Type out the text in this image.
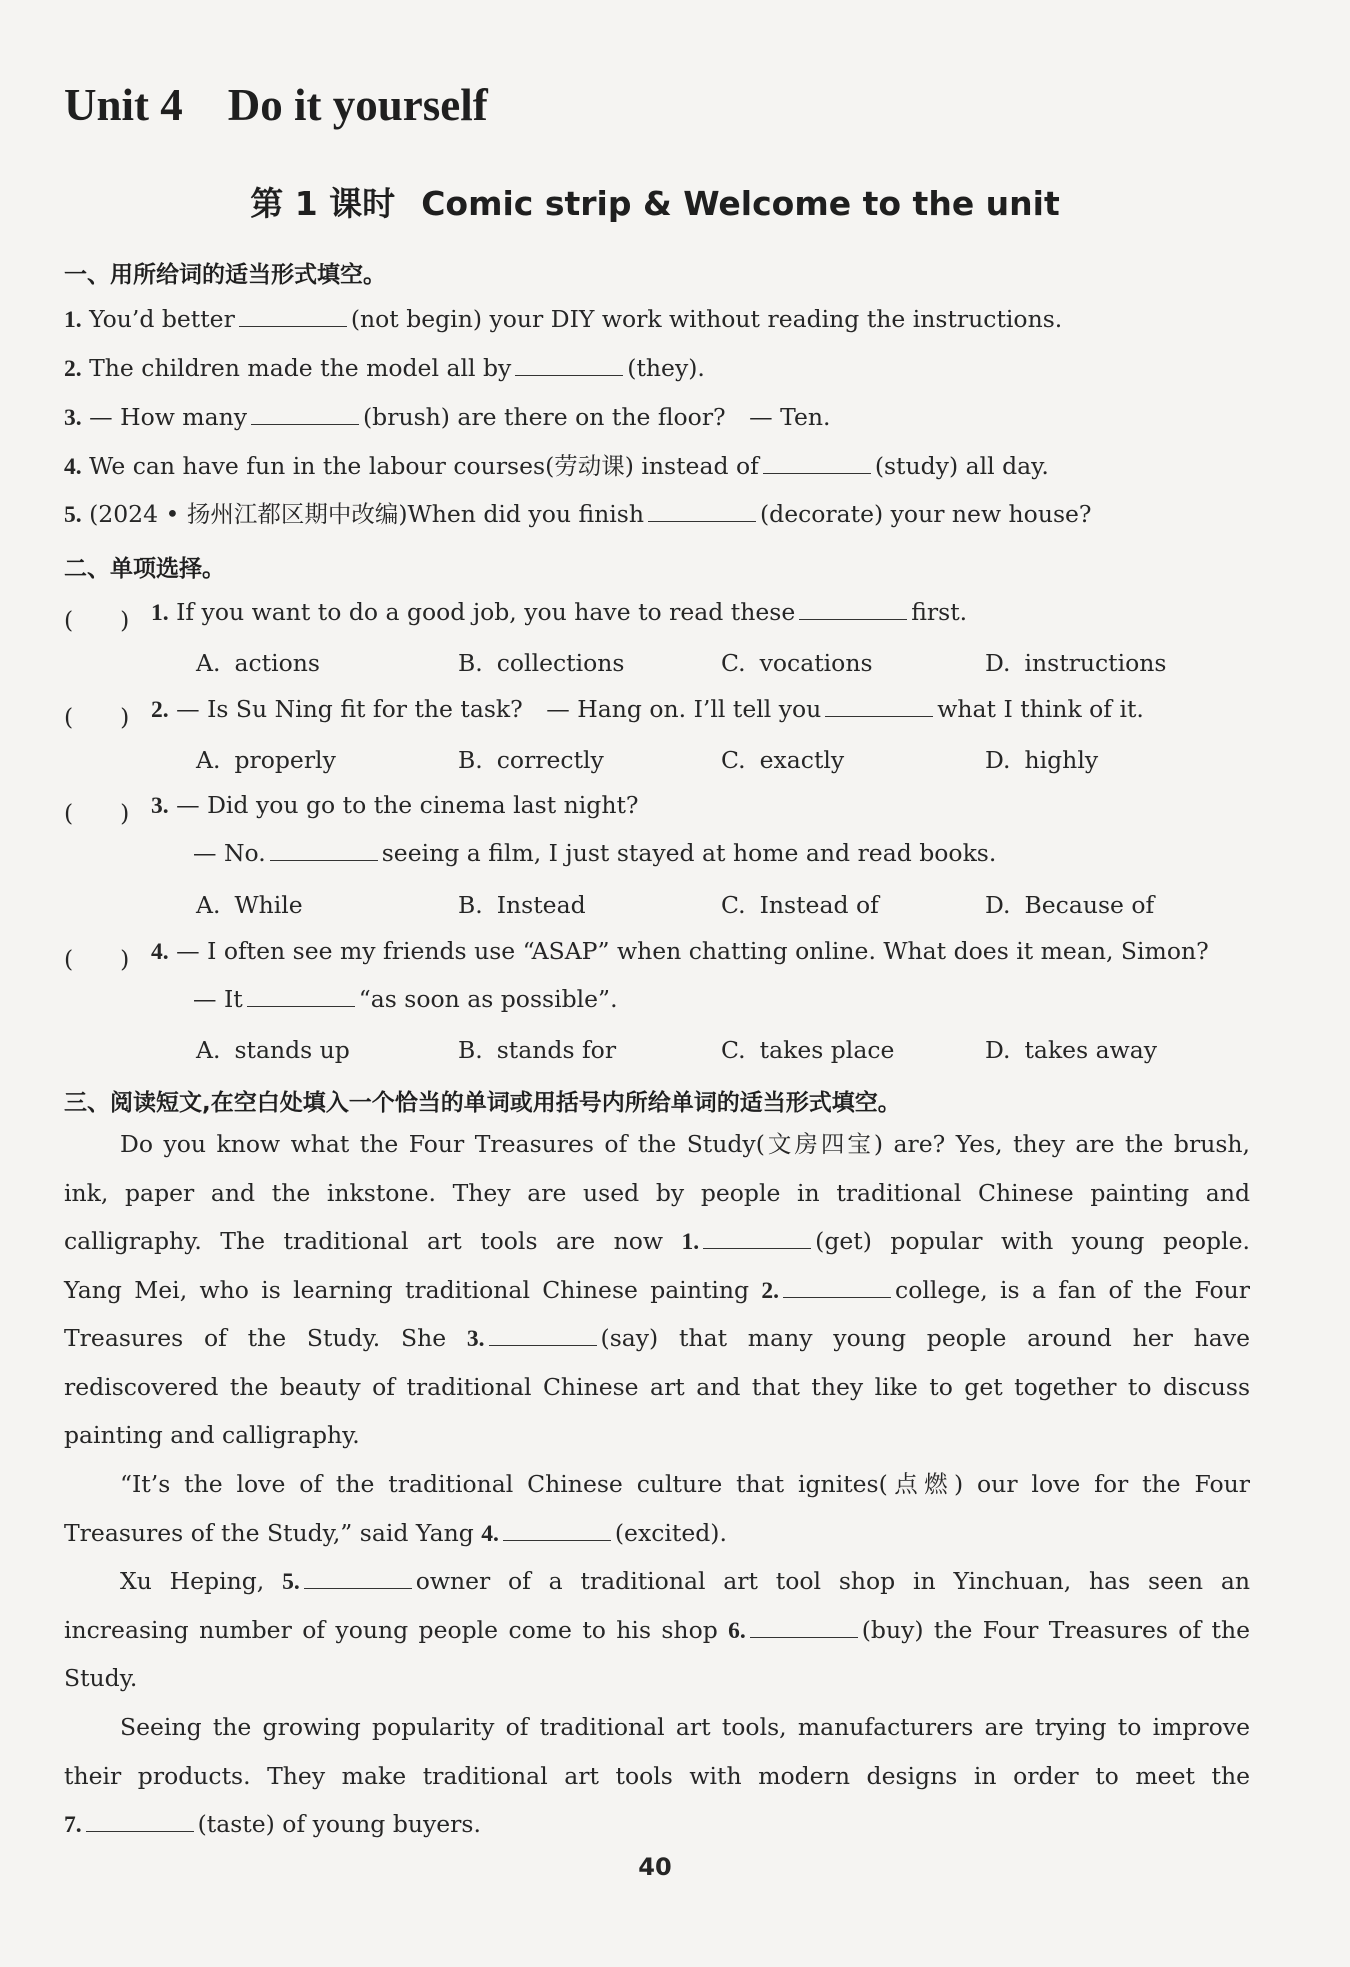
Unit 4　Do it yourself
第 1 课时 Comic strip & Welcome to the unit
一、用所给词的适当形式填空。
1. You’d better	(not begin) your DIY work without reading the instructions.
2. The children made the model all by	(they).
3. — How many	(brush) are there on the floor?　— Ten.
4. We can have fun in the labour courses(劳动课) instead of	(study) all day.
5. (2024 • 扬州江都区期中改编)When did you finish	(decorate) your new house?
二、单项选择。
(　　) 1. If you want to do a good job, you have to read these	first.
A. actions	B. collections	C. vocations	D. instructions
(　　) 2. — Is Su Ning fit for the task?　— Hang on. I’ll tell you	what I think of it.
A. properly	B. correctly	C. exactly	D. highly
(　　) 3. — Did you go to the cinema last night?
— No.	seeing a film, I just stayed at home and read books.
A. While	B. Instead	C. Instead of	D. Because of
(　　) 4. — I often see my friends use “ASAP” when chatting online. What does it mean, Simon?
— It	“as soon as possible”.
A. stands up	B. stands for	C. takes place	D. takes away
三、阅读短文,在空白处填入一个恰当的单词或用括号内所给单词的适当形式填空。
Do you know what the Four Treasures of the Study(文房四宝) are? Yes, they are the brush,
ink, paper and the inkstone. They are used by people in traditional Chinese painting and
calligraphy. The traditional art tools are now 1.	(get) popular with young people.
Yang Mei, who is learning traditional Chinese painting 2.	college, is a fan of the Four
Treasures of the Study. She 3.	(say) that many young people around her have
rediscovered the beauty of traditional Chinese art and that they like to get together to discuss
painting and calligraphy.
“It’s the love of the traditional Chinese culture that ignites(点燃) our love for the Four
Treasures of the Study,” said Yang 4.	(excited).
Xu Heping, 5.	owner of a traditional art tool shop in Yinchuan, has seen an
increasing number of young people come to his shop 6.	(buy) the Four Treasures of the
Study.
Seeing the growing popularity of traditional art tools, manufacturers are trying to improve
their products. They make traditional art tools with modern designs in order to meet the
7.	(taste) of young buyers.
40
